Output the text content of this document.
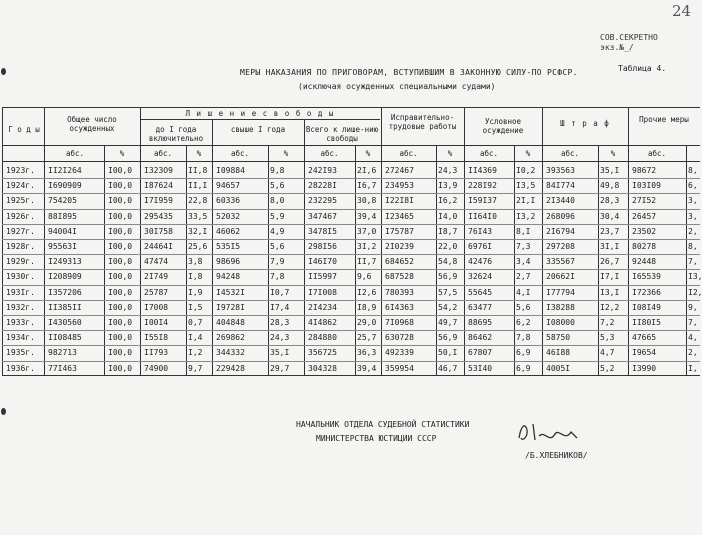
24
СОВ.СЕКРЕТНО
экз.№_/
МЕРЫ НАКАЗАНИЯ ПО ПРИГОВОРАМ, ВСТУПИВШИМ В ЗАКОННУЮ СИЛУ-ПО РСФСР.	Таблица 4.
(исключая осужденных специальными судами)
Г о д ы
Общее число осужденных
Л и ш е н и е с в о б о д ы
до I года включительно
свыше I года	Всего к лише-нию свободы
Исправительно-трудовые работы
Условное осуждение
Ш т р а ф	Прочие меры
абс.	%	абс.	%	абс.	%	абс.	%	абс.	%	абс.	%	абс.	%	абс.
1923г. II2I264	I00,0 I323O9 II,8 I09884	9,8	242I93	2I,6 272467	24,3 II4369 I0,2 393563	35,I 98672	8,
1924г. I690909	I00,0 I87624 II,I 94657	5,6	28228I	I6,7 234953	I3,9 228I92 I3,5 84I774	49,8 I03I09	6,
1925г. 754205	I00,0 I7I959 22,8 60336	8,0	232295	30,8 I22I8I	I6,2 I59I37 2I,I 2I3440	28,3 27I52	3,
1926г. 88I895	I00,0 295435 33,5 52032	5,9	347467	39,4 I23465	I4,0 II64I0 I3,2 268096	30,4 26457	3,
1927г. 94004I	I00,0 30I758 32,I 46062	4,9	3478I5	37,0 I75787	I8,7 76I43	8,I 2I6794	23,7 23502	2,
1928г. 95563I	I00,0 24464I 25,6 535I5	5,6	298I56	3I,2 2I0239	22,0 6976I	7,3 297208	3I,I 80278	8,
1929г. I249313	I00,0 47474 3,8 98696	7,9	I46I70	II,7 684652	54,8 42476	3,4 335567	26,7 92448	7,
1930г. I208909	I00,0 2I749 I,8 94248	7,8	II5997	9,6 687528	56,9 32624	2,7 20662I	I7,I I65539	I3,
193Iг. I357206	I00,0 25787 I,9 I4532I	I0,7 I7I008	I2,6 780393	57,5 55645	4,I I77794	I3,I I72366	I2,
1932г. II385II	I00,0 I7008 I,5 I9728I	I7,4 2I4234	I8,9 6I4363	54,2 63477	5,6 I38288	I2,2 I08I49	9,
1933г. I430560	I00,0 I00I4 0,7 404848	28,3 4I4862	29,0 7I0968	49,7 88695	6,2 I08000	7,2 II80I5	7,
1934г. II08485	I00,0 I55I8 I,4 269862	24,3 284880	25,7 630728	56,9 86462	7,8 58750	5,3 47665	4,
1935г. 98271З	I00,0 II793 I,2 344332	35,I 356725	36,3 492339	50,I 67807	6,9 46I88	4,7 I9654	2,
1936г. 77I463	I00,0 74900 9,7 229428	29,7 304328	39,4 359954	46,7 53I40	6,9 4005I	5,2 I3990	I,
НАЧАЛЬНИК ОТДЕЛА СУДЕБНОЙ СТАТИСТИКИ
МИНИСТЕРСТВА ЮСТИЦИИ СССР
Б. Хлеб
/Б.ХЛЕБНИКОВ/
